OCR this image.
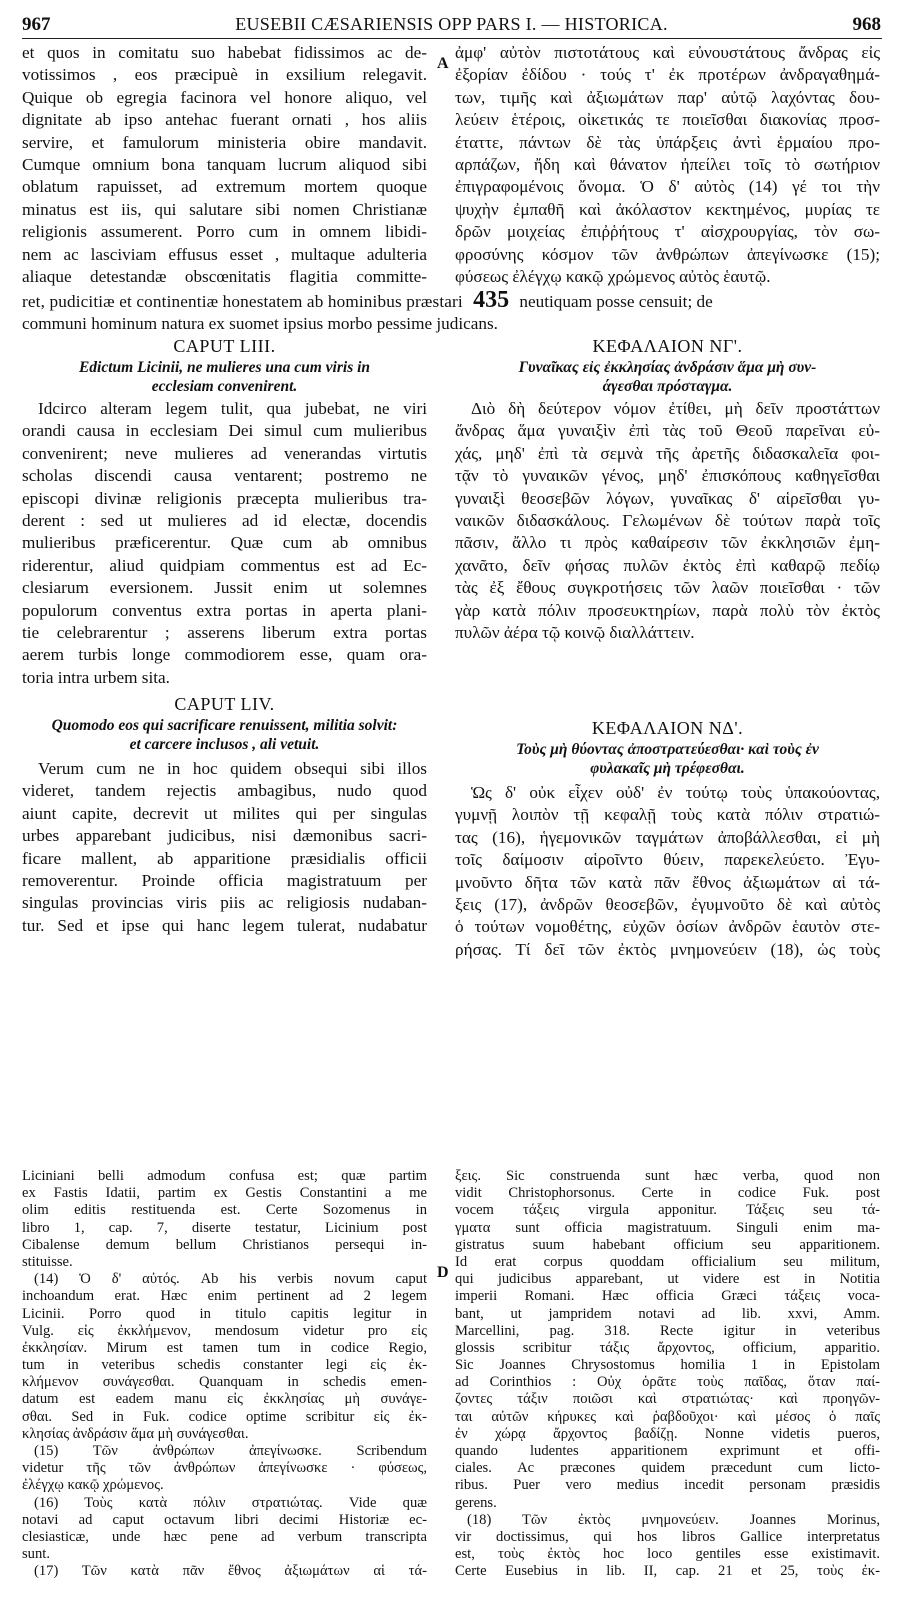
967	EUSEBII CÆSARIENSIS OPP PARS I. — HISTORICA.	968
et quos in comitatu suo habebat fidissimos ac de-
votissimos , eos præcipuè in exsilium relegavit.
Quique ob egregia facinora vel honore aliquo, vel
dignitate ab ipso antehac fuerant ornati , hos aliis
servire, et famulorum ministeria obire mandavit.
Cumque omnium bona tanquam lucrum aliquod sibi
oblatum rapuisset, ad extremum mortem quoque
minatus est iis, qui salutare sibi nomen Christianæ
religionis assumerent. Porro cum in omnem libidi-
nem ac lasciviam effusus esset , multaque adulteria
aliaque detestandæ obscœnitatis flagitia committe-
A
ἀμφ' αὐτὸν πιστοτάτους καὶ εὐνουστάτους ἄνδρας εἰς
ἐξορίαν ἐδίδου · τούς τ' ἐκ προτέρων ἀνδραγαθημά-
των, τιμῆς καὶ ἀξιωμάτων παρ' αὐτῷ λαχόντας δου-
λεύειν ἑτέροις, οἰκετικάς τε ποιεῖσθαι διακονίας προσ-
έταττε, πάντων δὲ τὰς ὑπάρξεις ἀντὶ ἑρμαίου προ-
αρπάζων, ἤδη καὶ θάνατον ἠπείλει τοῖς τὸ σωτήριον
ἐπιγραφομένοις ὄνομα. Ὁ δ' αὐτὸς (14) γέ τοι τὴν
ψυχὴν ἐμπαθῆ καὶ ἀκόλαστον κεκτημένος, μυρίας τε
δρῶν μοιχείας ἐπιῤῥήτους τ' αἰσχρουργίας, τὸν σω-
φροσύνης κόσμον τῶν ἀνθρώπων ἀπεγίνωσκε (15);
φύσεως ἐλέγχῳ κακῷ χρώμενος αὐτὸς ἑαυτῷ.
ret, pudicitiæ et continentiæ honestatem ab hominibus præstari 435 neutiquam posse censuit; de
communi hominum natura ex suomet ipsius morbo pessime judicans.
CAPUT LIII.
Edictum Licinii, ne mulieres una cum viris in
ecclesiam convenirent.
ΚΕΦΑΛΑΙΟΝ ΝΓ'.
Γυναῖκας εἰς ἐκκλησίας ἀνδράσιν ἅμα μὴ συν-
άγεσθαι πρόσταγμα.
Idcirco alteram legem tulit, qua jubebat, ne viri
orandi causa in ecclesiam Dei simul cum mulieribus
convenirent; neve mulieres ad venerandas virtutis
scholas discendi causa ventarent; postremo ne
episcopi divinæ religionis præcepta mulieribus tra-
derent : sed ut mulieres ad id electæ, docendis
mulieribus præficerentur. Quæ cum ab omnibus
riderentur, aliud quidpiam commentus est ad Ec-
clesiarum eversionem. Jussit enim ut solemnes
populorum conventus extra portas in aperta plani-
tie celebrarentur ; asserens liberum extra portas
aerem turbis longe commodiorem esse, quam ora-
toria intra urbem sita.
Διὸ δὴ δεύτερον νόμον ἐτίθει, μὴ δεῖν προστάττων
ἄνδρας ἅμα γυναιξὶν ἐπὶ τὰς τοῦ Θεοῦ παρεῖναι εὐ-
χάς, μηδ' ἐπὶ τὰ σεμνὰ τῆς ἀρετῆς διδασκαλεῖα φοι-
τᾷν τὸ γυναικῶν γένος, μηδ' ἐπισκόπους καθηγεῖσθαι
γυναιξὶ θεοσεβῶν λόγων, γυναῖκας δ' αἱρεῖσθαι γυ-
ναικῶν διδασκάλους. Γελωμένων δὲ τούτων παρὰ τοῖς
πᾶσιν, ἄλλο τι πρὸς καθαίρεσιν τῶν ἐκκλησιῶν ἐμη-
χανᾶτο, δεῖν φήσας πυλῶν ἐκτὸς ἐπὶ καθαρῷ πεδίῳ
τὰς ἐξ ἔθους συγκροτήσεις τῶν λαῶν ποιεῖσθαι · τῶν
γὰρ κατὰ πόλιν προσευκτηρίων, παρὰ πολὺ τὸν ἐκτὸς
πυλῶν ἀέρα τῷ κοινῷ διαλλάττειν.
CAPUT LIV.
Quomodo eos qui sacrificare renuissent, militia solvit:
et carcere inclusos , ali vetuit.
ΚΕΦΑΛΑΙΟΝ ΝΔ'.
Τοὺς μὴ θύοντας ἀποστρατεύεσθαι· καὶ τοὺς ἐν
φυλακαῖς μὴ τρέφεσθαι.
Verum cum ne in hoc quidem obsequi sibi illos
videret, tandem rejectis ambagibus, nudo quod
aiunt capite, decrevit ut milites qui per singulas
urbes apparebant judicibus, nisi dæmonibus sacri-
ficare mallent, ab apparitione præsidialis officii
removerentur. Proinde officia magistratuum per
singulas provincias viris piis ac religiosis nudaban-
tur. Sed et ipse qui hanc legem tulerat, nudabatur
Ὡς δ' οὐκ εἶχεν οὐδ' ἐν τούτῳ τοὺς ὑπακούοντας,
γυμνῇ λοιπὸν τῇ κεφαλῇ τοὺς κατὰ πόλιν στρατιώ-
τας (16), ἡγεμονικῶν ταγμάτων ἀποβάλλεσθαι, εἰ μὴ
τοῖς δαίμοσιν αἱροῖντο θύειν, παρεκελεύετο. Ἐγυ-
μνοῦντο δῆτα τῶν κατὰ πᾶν ἔθνος ἀξιωμάτων αἱ τά-
ξεις (17), ἀνδρῶν θεοσεβῶν, ἐγυμνοῦτο δὲ καὶ αὐτὸς
ὁ τούτων νομοθέτης, εὐχῶν ὁσίων ἀνδρῶν ἑαυτὸν στε-
ρήσας. Τί δεῖ τῶν ἐκτὸς μνημονεύειν (18), ὡς τοὺς
Liciniani belli admodum confusa est; quæ partim
ex Fastis Idatii, partim ex Gestis Constantini a me
olim editis restituenda est. Certe Sozomenus in
libro 1, cap. 7, diserte testatur, Licinium post
Cibalense demum bellum Christianos persequi in-
stituisse.
(14) Ὁ δ' αὐτός. Ab his verbis novum caput
inchoandum erat. Hæc enim pertinent ad 2 legem
Licinii. Porro quod in titulo capitis legitur in
Vulg. εἰς ἐκκλήμενον, mendosum videtur pro εἰς
ἐκκλησίαν. Mirum est tamen tum in codice Regio,
tum in veteribus schedis constanter legi εἰς ἐκ-
κλήμενον συνάγεσθαι. Quanquam in schedis emen-
datum est eadem manu εἰς ἐκκλησίας μὴ συνάγε-
σθαι. Sed in Fuk. codice optime scribitur εἰς ἐκ-
κλησίας ἀνδράσιν ἅμα μὴ συνάγεσθαι.
(15) Τῶν ἀνθρώπων ἀπεγίνωσκε. Scribendum
videtur τῆς τῶν ἀνθρώπων ἀπεγίνωσκε · φύσεως,
ἐλέγχῳ κακῷ χρώμενος.
(16) Τοὺς κατὰ πόλιν στρατιώτας. Vide quæ
notavi ad caput octavum libri decimi Historiæ ec-
clesiasticæ, unde hæc pene ad verbum transcripta
sunt.
(17) Τῶν κατὰ πᾶν ἔθνος ἀξιωμάτων αἱ τά-
D
ξεις. Sic construenda sunt hæc verba, quod non
vidit Christophorsonus. Certe in codice Fuk. post
vocem τάξεις virgula apponitur. Τάξεις seu τά-
γματα sunt officia magistratuum. Singuli enim ma-
gistratus suum habebant officium seu apparitionem.
Id erat corpus quoddam officialium seu militum,
qui judicibus apparebant, ut videre est in Notitia
imperii Romani. Hæc officia Græci τάξεις voca-
bant, ut jampridem notavi ad lib. xxvi, Amm.
Marcellini, pag. 318. Recte igitur in veteribus
glossis scribitur τάξις ἄρχοντος, officium, apparitio.
Sic Joannes Chrysostomus homilia 1 in Epistolam
ad Corinthios : Οὐχ ὁρᾶτε τοὺς παῖδας, ὅταν παί-
ζοντες τάξιν ποιῶσι καὶ στρατιώτας· καὶ προηγῶν-
ται αὐτῶν κήρυκες καὶ ῥαβδοῦχοι· καὶ μέσος ὁ παῖς
ἐν χώρᾳ ἄρχοντος βαδίζῃ. Nonne videtis pueros,
quando ludentes apparitionem exprimunt et offi-
ciales. Ac præcones quidem præcedunt cum licto-
ribus. Puer vero medius incedit personam præsidis
gerens.
(18) Τῶν ἐκτὸς μνημονεύειν. Joannes Morinus,
vir doctissimus, qui hos libros Gallice interpretatus
est, τοὺς ἐκτὸς hoc loco gentiles esse existimavit.
Certe Eusebius in lib. II, cap. 21 et 25, τοὺς ἐκ-
